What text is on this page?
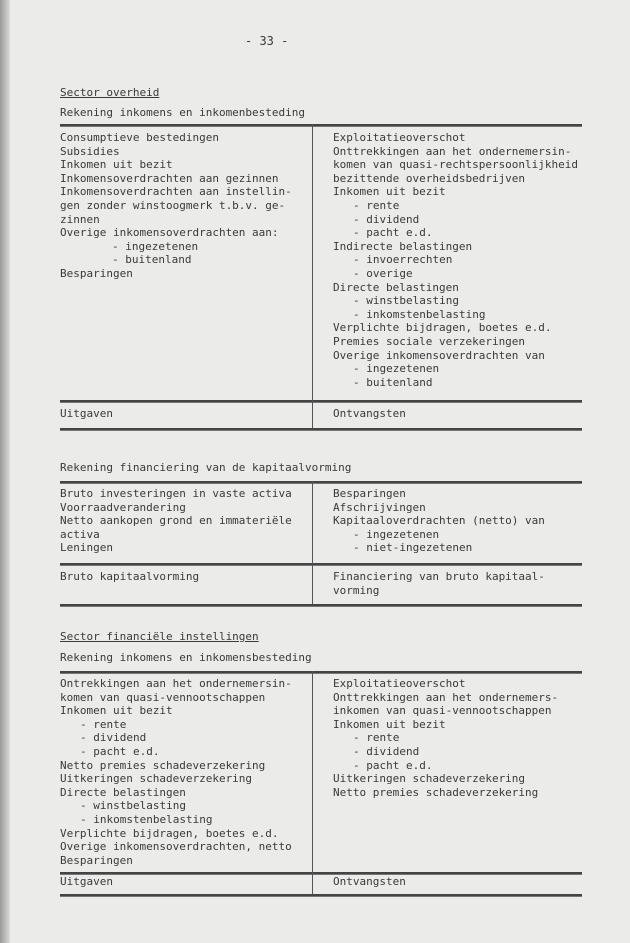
- 33 -
Sector overheid
Rekening inkomens en inkomenbesteding
Consumptieve bestedingen
Subsidies
Inkomen uit bezit
Inkomensoverdrachten aan gezinnen
Inkomensoverdrachten aan instellin-
gen zonder winstoogmerk t.b.v. ge-
zinnen
Overige inkomensoverdrachten aan:
- ingezetenen
- buitenland
Besparingen
Uitgaven
Exploitatieoverschot
Onttrekkingen aan het ondernemersin-
komen van quasi-rechtspersoonlijkheid
bezittende overheidsbedrijven
Inkomen uit bezit
- rente
- dividend
- pacht e.d.
Indirecte belastingen
- invoerrechten
- overige
Directe belastingen
- winstbelasting
- inkomstenbelasting
Verplichte bijdragen, boetes e.d.
Premies sociale verzekeringen
Overige inkomensoverdrachten van
- ingezetenen
- buitenland
Ontvangsten
Rekening financiering van de kapitaalvorming
Bruto investeringen in vaste activa
Voorraadverandering
Netto aankopen grond en immateriële
activa
Leningen
Bruto kapitaalvorming
Besparingen
Afschrijvingen
Kapitaaloverdrachten (netto) van
- ingezetenen
- niet-ingezetenen
Financiering van bruto kapitaal-
vorming
Sector financiële instellingen
Rekening inkomens en inkomensbesteding
Ontrekkingen aan het ondernemersin-
komen van quasi-vennootschappen
Inkomen uit bezit
- rente
- dividend
- pacht e.d.
Netto premies schadeverzekering
Uitkeringen schadeverzekering
Directe belastingen
- winstbelasting
- inkomstenbelasting
Verplichte bijdragen, boetes e.d.
Overige inkomensoverdrachten, netto
Besparingen
Uitgaven
Exploitatieoverschot
Onttrekkingen aan het ondernemers-
inkomen van quasi-vennootschappen
Inkomen uit bezit
- rente
- dividend
- pacht e.d.
Uitkeringen schadeverzekering
Netto premies schadeverzekering
Ontvangsten
